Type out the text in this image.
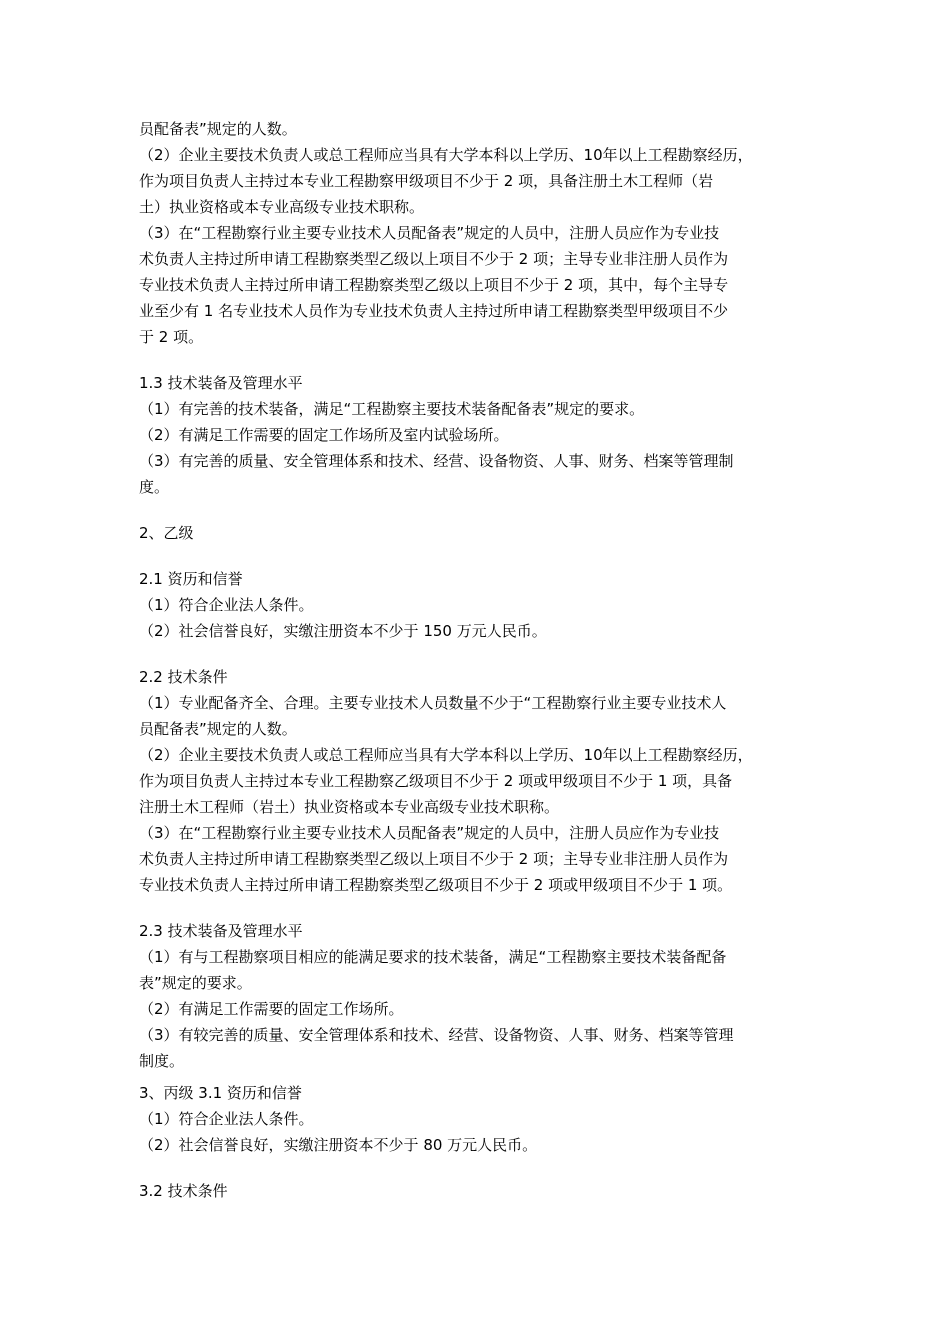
员配备表”规定的人数。
（2）企业主要技术负责人或总工程师应当具有大学本科以上学历、10年以上工程勘察经历，
作为项目负责人主持过本专业工程勘察甲级项目不少于 2 项，具备注册土木工程师（岩
土）执业资格或本专业高级专业技术职称。
（3）在“工程勘察行业主要专业技术人员配备表”规定的人员中，注册人员应作为专业技
术负责人主持过所申请工程勘察类型乙级以上项目不少于 2 项；主导专业非注册人员作为
专业技术负责人主持过所申请工程勘察类型乙级以上项目不少于 2 项，其中，每个主导专
业至少有 1 名专业技术人员作为专业技术负责人主持过所申请工程勘察类型甲级项目不少
于 2 项。
1.3 技术装备及管理水平
（1）有完善的技术装备，满足“工程勘察主要技术装备配备表”规定的要求。
（2）有满足工作需要的固定工作场所及室内试验场所。
（3）有完善的质量、安全管理体系和技术、经营、设备物资、人事、财务、档案等管理制
度。
2、乙级
2.1 资历和信誉
（1）符合企业法人条件。
（2）社会信誉良好，实缴注册资本不少于 150 万元人民币。
2.2 技术条件
（1）专业配备齐全、合理。主要专业技术人员数量不少于“工程勘察行业主要专业技术人
员配备表”规定的人数。
（2）企业主要技术负责人或总工程师应当具有大学本科以上学历、10年以上工程勘察经历，
作为项目负责人主持过本专业工程勘察乙级项目不少于 2 项或甲级项目不少于 1 项，具备
注册土木工程师（岩土）执业资格或本专业高级专业技术职称。
（3）在“工程勘察行业主要专业技术人员配备表”规定的人员中，注册人员应作为专业技
术负责人主持过所申请工程勘察类型乙级以上项目不少于 2 项；主导专业非注册人员作为
专业技术负责人主持过所申请工程勘察类型乙级项目不少于 2 项或甲级项目不少于 1 项。
2.3 技术装备及管理水平
（1）有与工程勘察项目相应的能满足要求的技术装备，满足“工程勘察主要技术装备配备
表”规定的要求。
（2）有满足工作需要的固定工作场所。
（3）有较完善的质量、安全管理体系和技术、经营、设备物资、人事、财务、档案等管理
制度。
3、丙级 3.1 资历和信誉
（1）符合企业法人条件。
（2）社会信誉良好，实缴注册资本不少于 80 万元人民币。
3.2 技术条件
